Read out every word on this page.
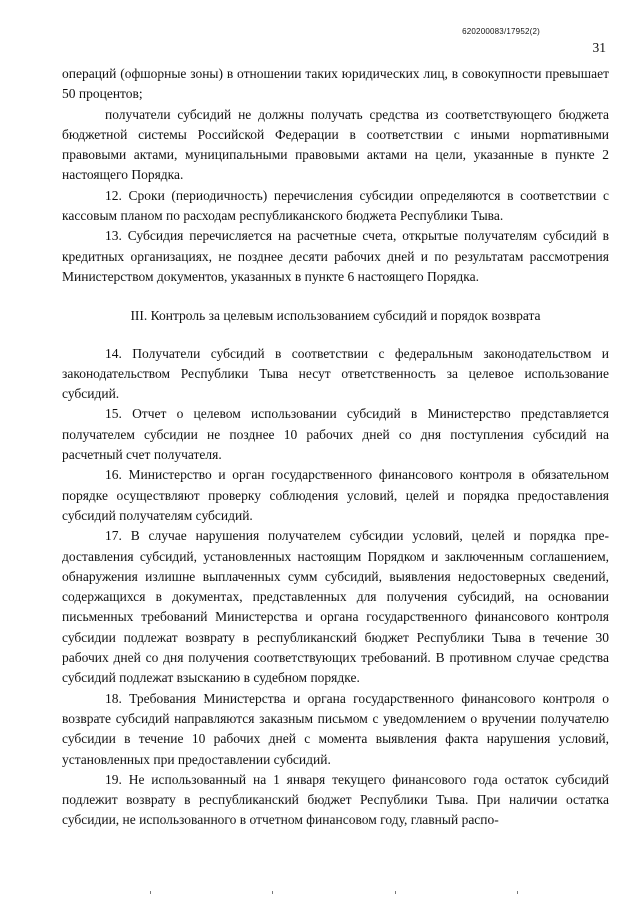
620200083/17952(2)
31

операций (офшорные зоны) в отношении таких юридических лиц, в совокупности превышает 50 процентов;

получатели субсидий не должны получать средства из соответствующего бюджета бюджетной системы Российской Федерации в соответствии с иными норmативными правовыми актами, муниципальными правовыми актами на цели, указанные в пункте 2 настоящего Порядка.

12. Сроки (периодичность) перечисления субсидии определяются в соответствии с кассовым планом по расходам республиканского бюджета Республики Тыва.

13. Субсидия перечисляется на расчетные счета, открытые получателям субсидий в кредитных организациях, не позднее десяти рабочих дней и по результатам рассмотрения Министерством документов, указанных в пункте 6 настоящего Порядка.

III. Контроль за целевым использованием субсидий и порядок возврата

14. Получатели субсидий в соответствии с федеральным законодательством и законодательством Республики Тыва несут ответственность за целевое использование субсидий.

15. Отчет о целевом использовании субсидий в Министерство представляется получателем субсидии не позднее 10 рабочих дней со дня поступления субсидий на расчетный счет получателя.

16. Министерство и орган государственного финансового контроля в обязательном порядке осуществляют проверку соблюдения условий, целей и порядка предоставления субсидий получателям субсидий.

17. В случае нарушения получателем субсидии условий, целей и порядка предоставления субсидий, установленных настоящим Порядком и заключенным соглашением, обнаружения излишне выплаченных сумм субсидий, выявления недостоверных сведений, содержащихся в документах, представленных для получения субсидий, на основании письменных требований Министерства и органа государственного финансового контроля субсидии подлежат возврату в республиканский бюджет Республики Тыва в течение 30 рабочих дней со дня получения соответствующих требований. В противном случае средства субсидий подлежат взысканию в судебном порядке.

18. Требования Министерства и органа государственного финансового контроля о возврате субсидий направляются заказным письмом с уведомлением о вручении получателю субсидии в течение 10 рабочих дней с момента выявления факта нарушения условий, установленных при предоставлении субсидий.

19. Не использованный на 1 января текущего финансового года остаток субсидий подлежит возврату в республиканский бюджет Республики Тыва. При наличии остатка субсидии, не использованного в отчетном финансовом году, главный распо-
